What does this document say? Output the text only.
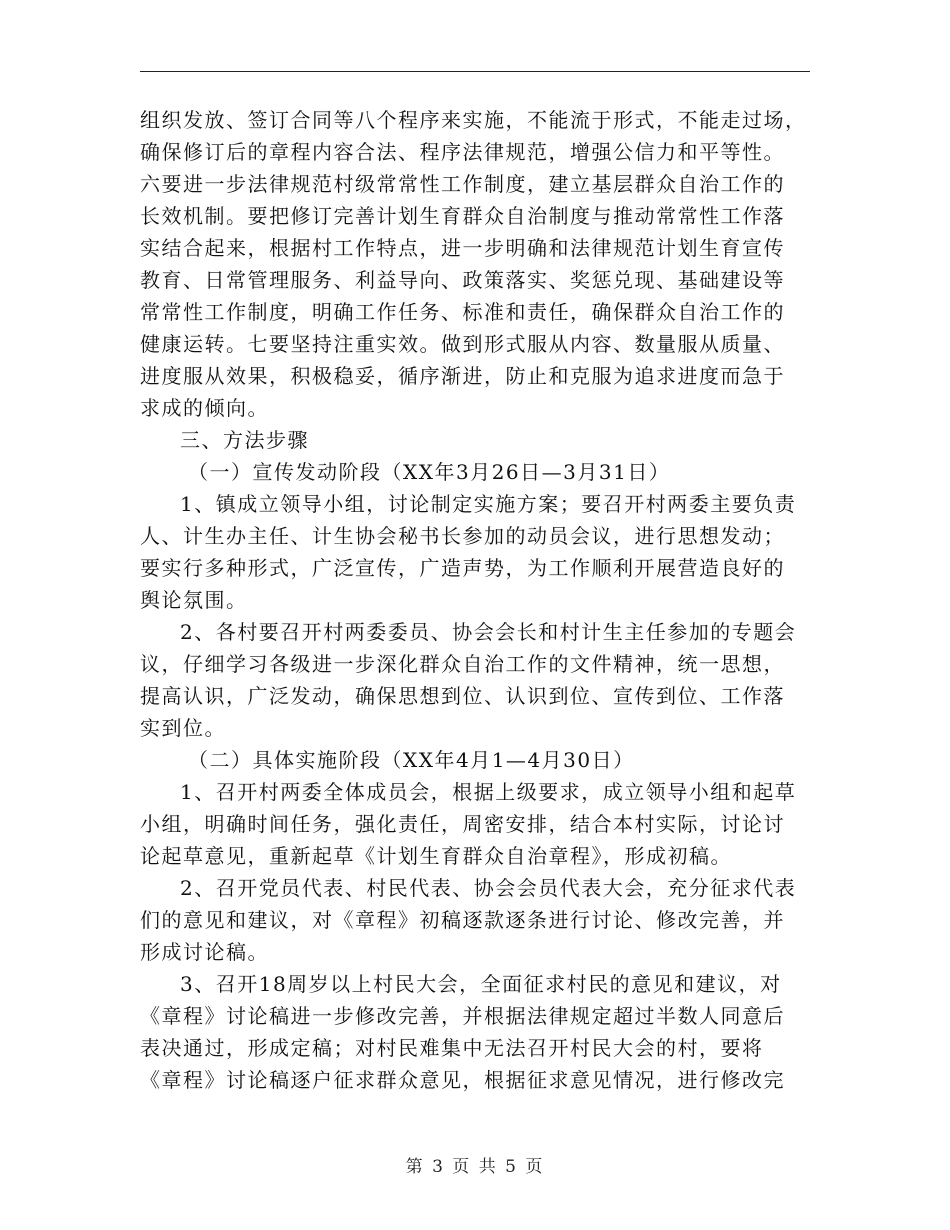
组织发放、签订合同等八个程序来实施，不能流于形式，不能走过场，
确保修订后的章程内容合法、程序法律规范，增强公信力和平等性。
六要进一步法律规范村级常常性工作制度，建立基层群众自治工作的
长效机制。要把修订完善计划生育群众自治制度与推动常常性工作落
实结合起来，根据村工作特点，进一步明确和法律规范计划生育宣传
教育、日常管理服务、利益导向、政策落实、奖惩兑现、基础建设等
常常性工作制度，明确工作任务、标准和责任，确保群众自治工作的
健康运转。七要坚持注重实效。做到形式服从内容、数量服从质量、
进度服从效果，积极稳妥，循序渐进，防止和克服为追求进度而急于
求成的倾向。
三、方法步骤
（一）宣传发动阶段（XX年3月26日—3月31日）
1、镇成立领导小组，讨论制定实施方案；要召开村两委主要负责
人、计生办主任、计生协会秘书长参加的动员会议，进行思想发动；
要实行多种形式，广泛宣传，广造声势，为工作顺利开展营造良好的
舆论氛围。
2、各村要召开村两委委员、协会会长和村计生主任参加的专题会
议，仔细学习各级进一步深化群众自治工作的文件精神，统一思想，
提高认识，广泛发动，确保思想到位、认识到位、宣传到位、工作落
实到位。
（二）具体实施阶段（XX年4月1—4月30日）
1、召开村两委全体成员会，根据上级要求，成立领导小组和起草
小组，明确时间任务，强化责任，周密安排，结合本村实际，讨论讨
论起草意见，重新起草《计划生育群众自治章程》，形成初稿。
2、召开党员代表、村民代表、协会会员代表大会，充分征求代表
们的意见和建议，对《章程》初稿逐款逐条进行讨论、修改完善，并
形成讨论稿。
3、召开18周岁以上村民大会，全面征求村民的意见和建议，对
《章程》讨论稿进一步修改完善，并根据法律规定超过半数人同意后
表决通过，形成定稿；对村民难集中无法召开村民大会的村，要将
《章程》讨论稿逐户征求群众意见，根据征求意见情况，进行修改完
第 3 页 共 5 页
